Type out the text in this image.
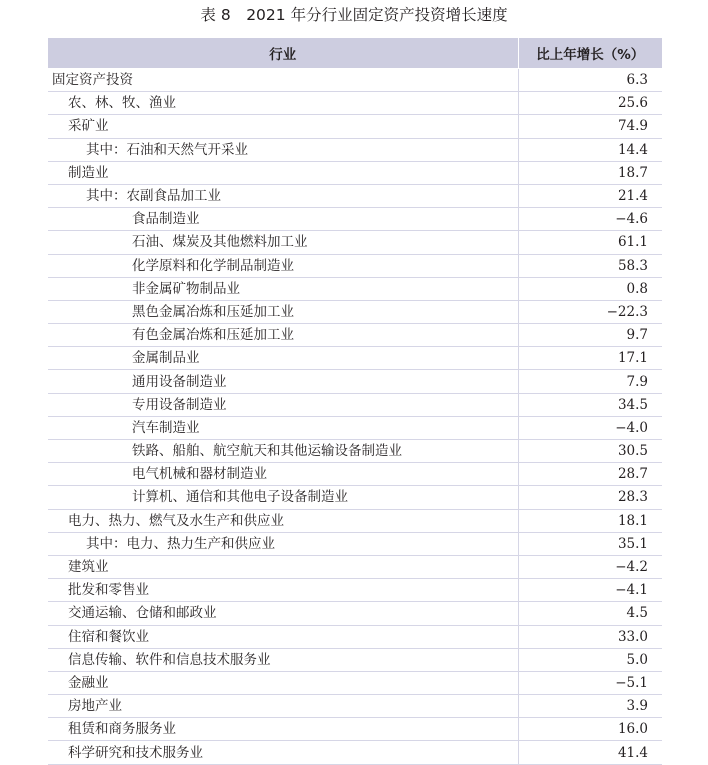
表 8　2021 年分行业固定资产投资增长速度
行业	比上年增长（%）
固定资产投资	6.3
农、林、牧、渔业	25.6
采矿业	74.9
其中：石油和天然气开采业	14.4
制造业	18.7
其中：农副食品加工业	21.4
食品制造业	−4.6
石油、煤炭及其他燃料加工业	61.1
化学原料和化学制品制造业	58.3
非金属矿物制品业	0.8
黑色金属冶炼和压延加工业	−22.3
有色金属冶炼和压延加工业	9.7
金属制品业	17.1
通用设备制造业	7.9
专用设备制造业	34.5
汽车制造业	−4.0
铁路、船舶、航空航天和其他运输设备制造业	30.5
电气机械和器材制造业	28.7
计算机、通信和其他电子设备制造业	28.3
电力、热力、燃气及水生产和供应业	18.1
其中：电力、热力生产和供应业	35.1
建筑业	−4.2
批发和零售业	−4.1
交通运输、仓储和邮政业	4.5
住宿和餐饮业	33.0
信息传输、软件和信息技术服务业	5.0
金融业	−5.1
房地产业	3.9
租赁和商务服务业	16.0
科学研究和技术服务业	41.4
